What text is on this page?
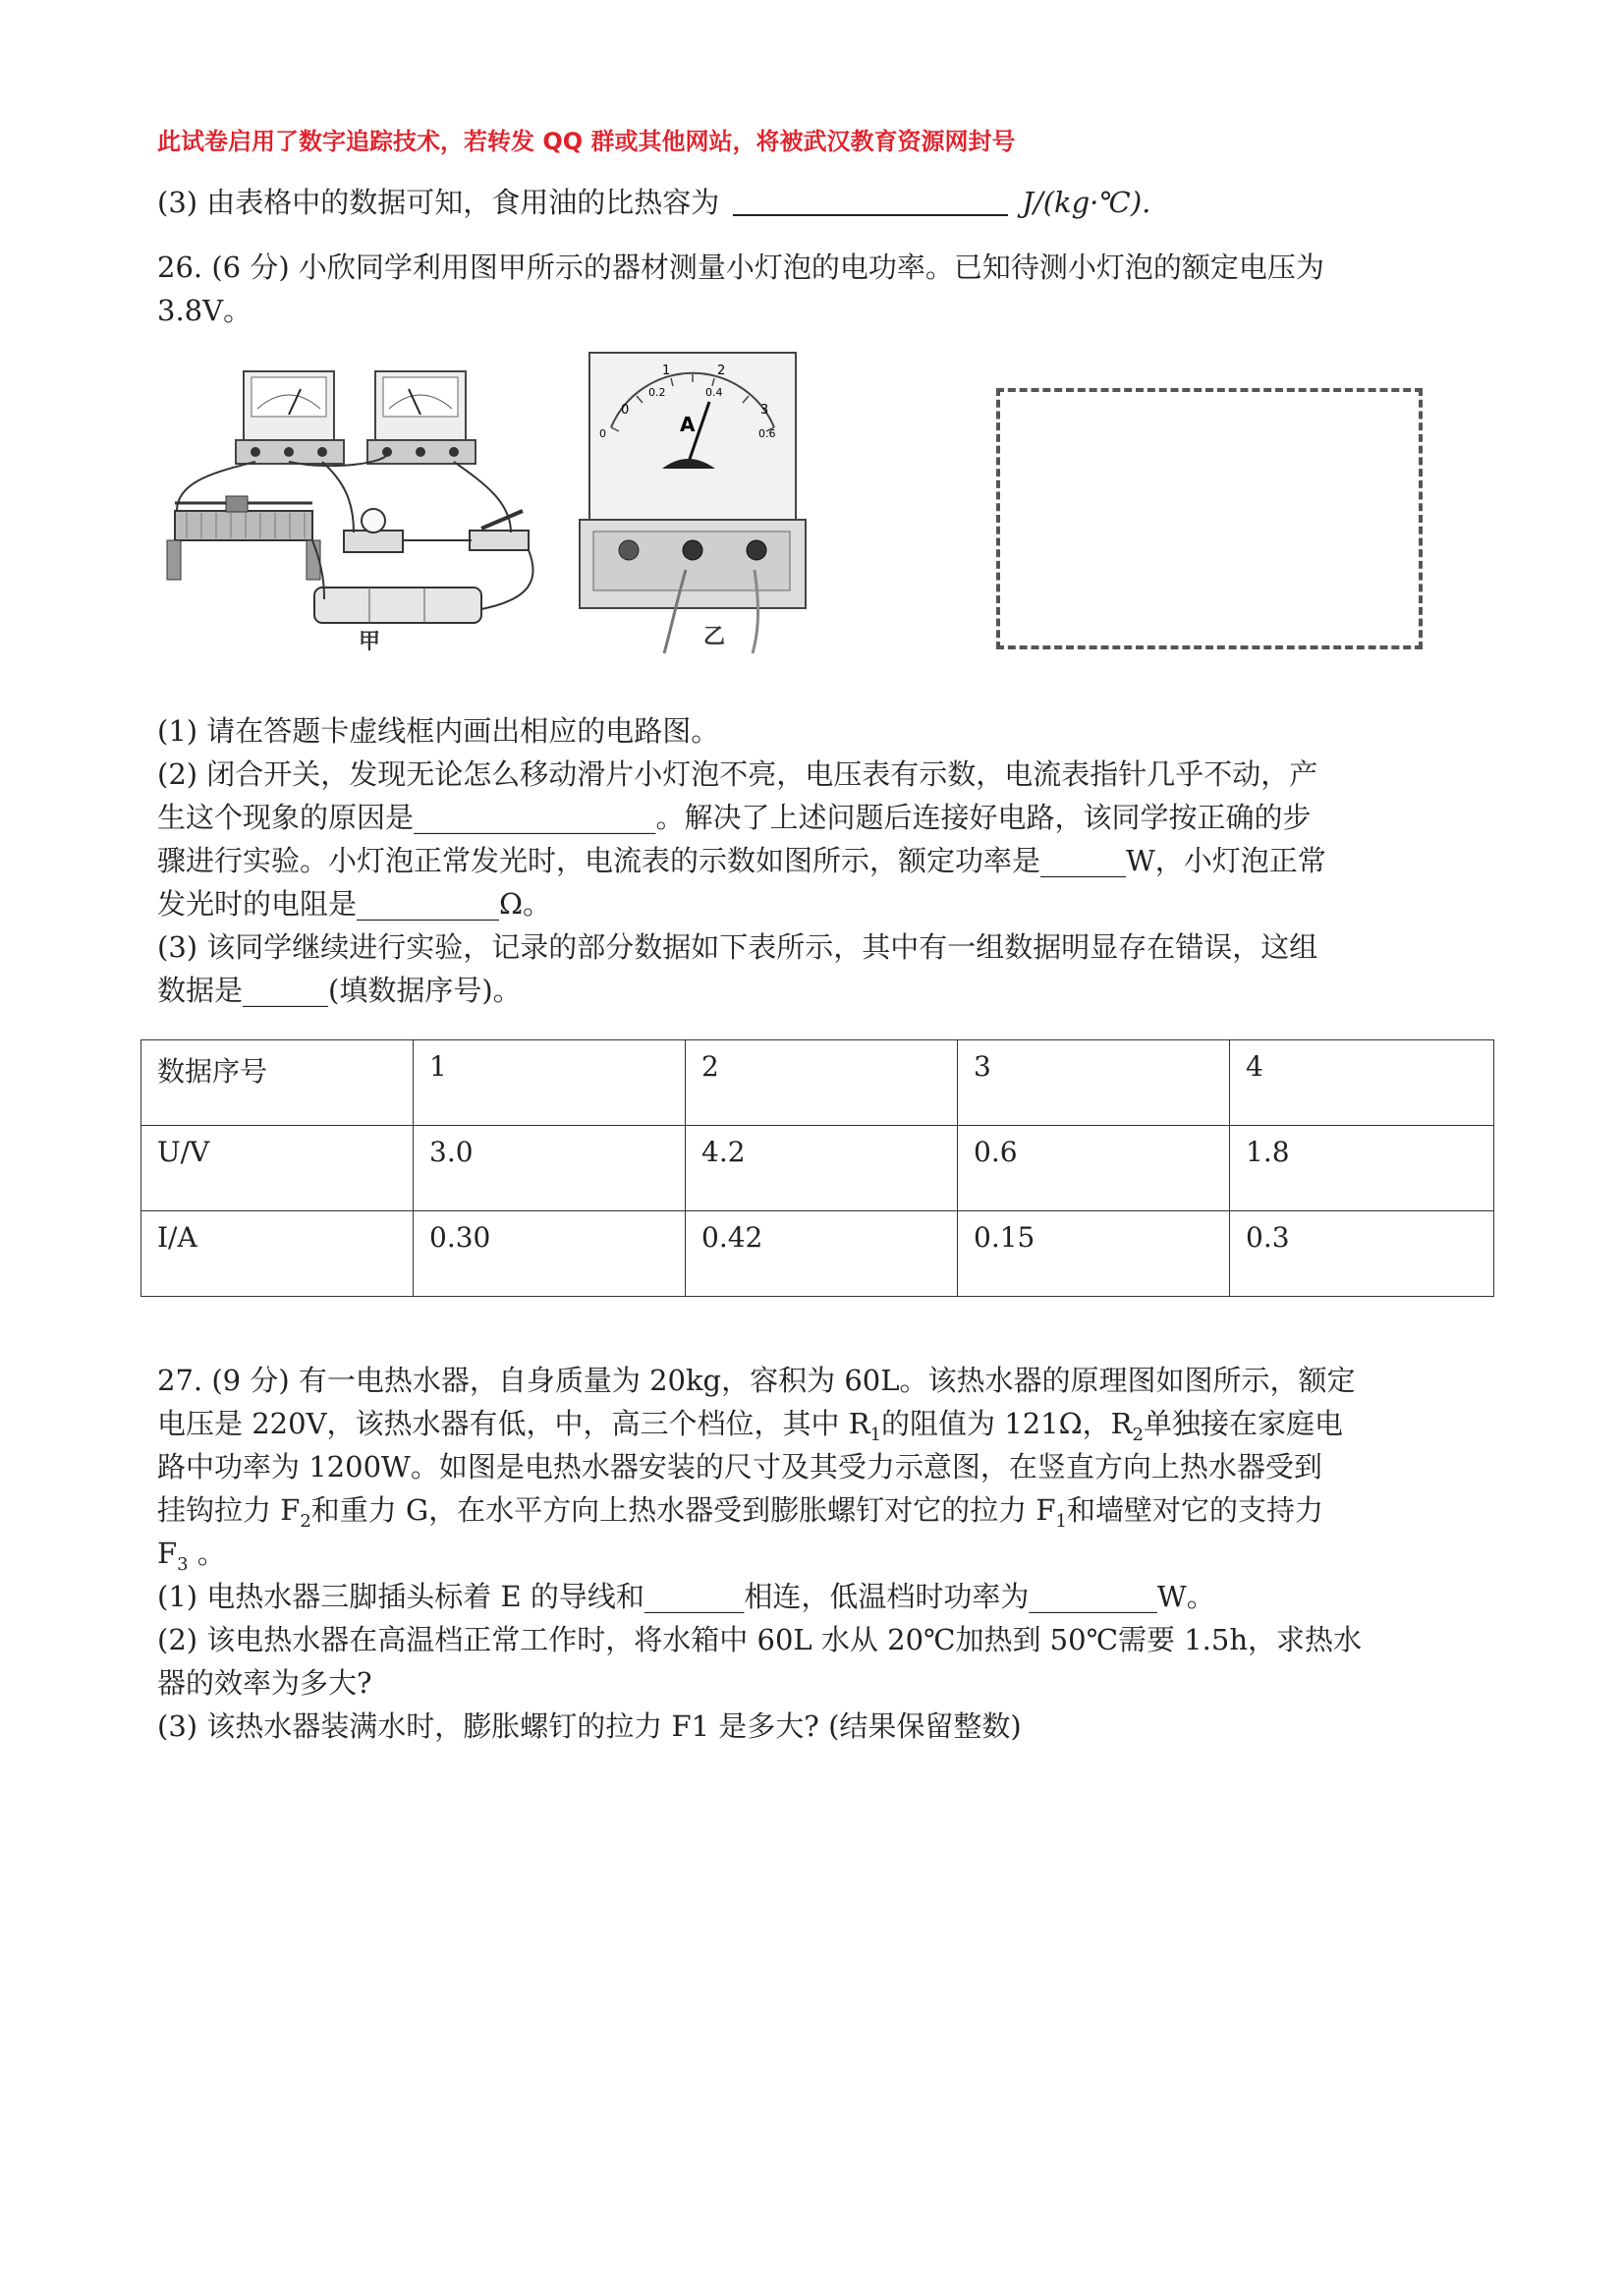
此试卷启用了数字追踪技术，若转发 QQ 群或其他网站，将被武汉教育资源网封号
(3) 由表格中的数据可知，食用油的比热容为	J/(kg·℃).
26. (6 分) 小欣同学利用图甲所示的器材测量小灯泡的电功率。已知待测小灯泡的额定电压为
3.8V。
甲
0
1	2
3
0
0.2	0.4
0.6
A
乙
(1) 请在答题卡虚线框内画出相应的电路图。
(2) 闭合开关，发现无论怎么移动滑片小灯泡不亮，电压表有示数，电流表指针几乎不动，产
生这个现象的原因是_________________。解决了上述问题后连接好电路，该同学按正确的步
骤进行实验。小灯泡正常发光时，电流表的示数如图所示，额定功率是______W，小灯泡正常
发光时的电阻是__________Ω。
(3) 该同学继续进行实验，记录的部分数据如下表所示，其中有一组数据明显存在错误，这组
数据是______(填数据序号)。
数据序号	1	2	3	4
U/V	3.0	4.2	0.6	1.8
I/A	0.30	0.42	0.15	0.3
27. (9 分) 有一电热水器，自身质量为 20kg，容积为 60L。该热水器的原理图如图所示，额定
电压是 220V，该热水器有低，中，高三个档位，其中 $R_1$的阻值为 121Ω，$R_2$单独接在家庭电
路中功率为 1200W。如图是电热水器安装的尺寸及其受力示意图，在竖直方向上热水器受到
挂钩拉力 $F_2$和重力 G，在水平方向上热水器受到膨胀螺钉对它的拉力 $F_1$和墙壁对它的支持力
$F_3$ 。
(1) 电热水器三脚插头标着 E 的导线和_______相连，低温档时功率为_________W。
(2) 该电热水器在高温档正常工作时，将水箱中 60L 水从 20℃加热到 50℃需要 1.5h，求热水
器的效率为多大?
(3) 该热水器装满水时，膨胀螺钉的拉力 F1 是多大? (结果保留整数)
